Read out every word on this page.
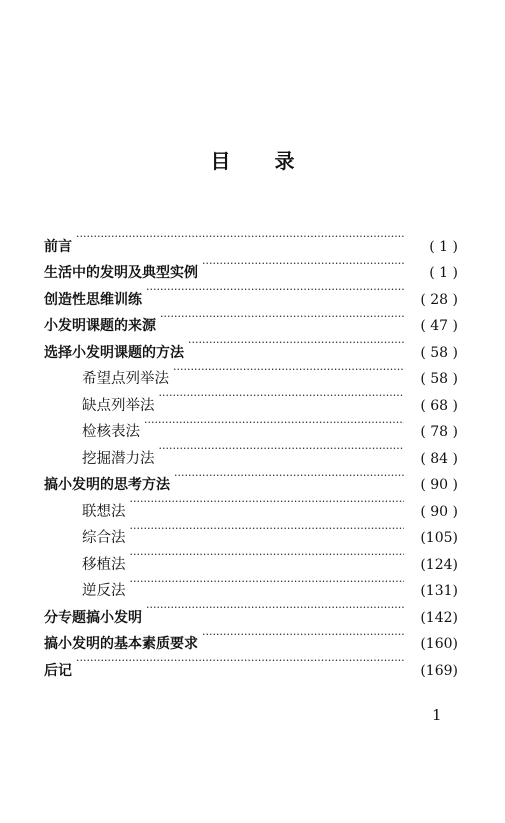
目 录
前言 ·····	( 1 )
生活中的发明及典型实例 ·····	( 1 )
创造性思维训练 ·····	( 28 )
小发明课题的来源 ·····	( 47 )
选择小发明课题的方法 ·····	( 58 )
希望点列举法 ·····	( 58 )
缺点列举法 ·····	( 68 )
检核表法 ·····	( 78 )
挖掘潜力法 ·····	( 84 )
搞小发明的思考方法 ·····	( 90 )
联想法 ·····	( 90 )
综合法 ·····	(105)
移植法 ·····	(124)
逆反法 ·····	(131)
分专题搞小发明 ·····	(142)
搞小发明的基本素质要求 ·····	(160)
后记 ·····	(169)
1
